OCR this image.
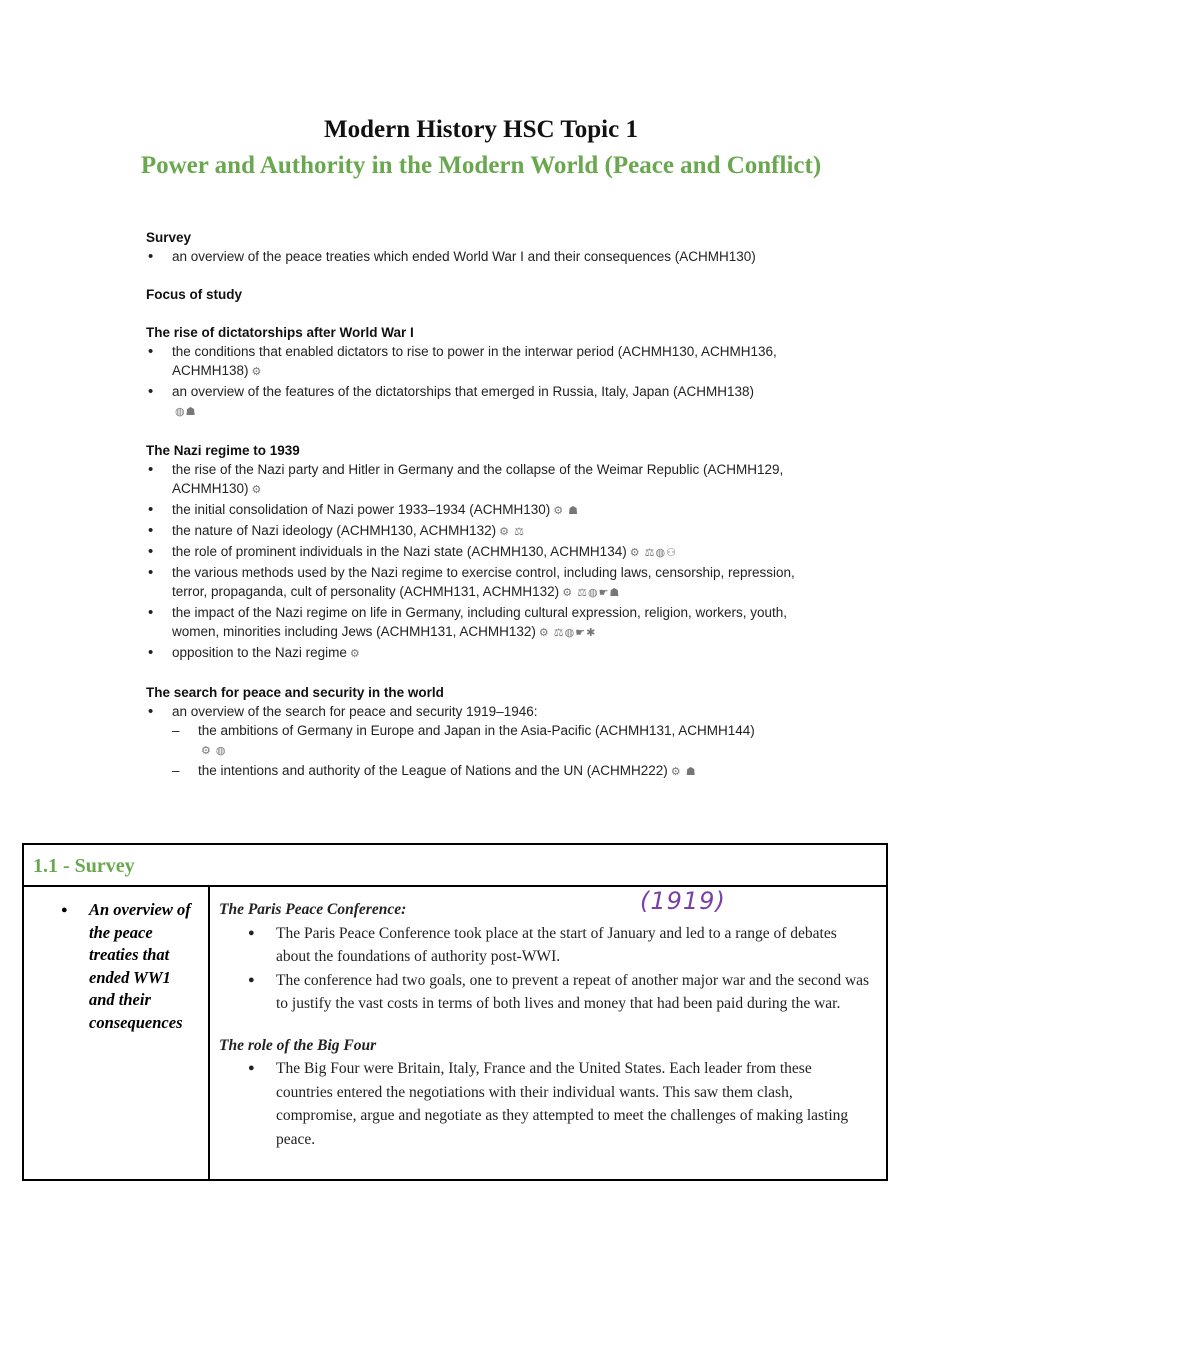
Modern History HSC Topic 1
Power and Authority in the Modern World (Peace and Conflict)
Survey
• an overview of the peace treaties which ended World War I and their consequences (ACHMH130)
Focus of study
The rise of dictatorships after World War I
• the conditions that enabled dictators to rise to power in the interwar period (ACHMH130, ACHMH136, ACHMH138) ⚙
• an overview of the features of the dictatorships that emerged in Russia, Italy, Japan (ACHMH138)
◍☗
The Nazi regime to 1939
• the rise of the Nazi party and Hitler in Germany and the collapse of the Weimar Republic (ACHMH129, ACHMH130) ⚙
• the initial consolidation of Nazi power 1933–1934 (ACHMH130) ⚙ ☗
• the nature of Nazi ideology (ACHMH130, ACHMH132) ⚙ ⚖
• the role of prominent individuals in the Nazi state (ACHMH130, ACHMH134) ⚙ ⚖◍⚇
• the various methods used by the Nazi regime to exercise control, including laws, censorship, repression, terror, propaganda, cult of personality (ACHMH131, ACHMH132) ⚙ ⚖◍☛☗
• the impact of the Nazi regime on life in Germany, including cultural expression, religion, workers, youth, women, minorities including Jews (ACHMH131, ACHMH132) ⚙ ⚖◍☛✱
• opposition to the Nazi regime ⚙
The search for peace and security in the world
• an overview of the search for peace and security 1919–1946:
– the ambitions of Germany in Europe and Japan in the Asia-Pacific (ACHMH131, ACHMH144)
⚙ ◍
– the intentions and authority of the League of Nations and the UN (ACHMH222) ⚙ ☗
1.1 - Survey
● An overview of the peace treaties that ended WW1 and their consequences
The Paris Peace Conference:
● The Paris Peace Conference took place at the start of January and led to a range of debates about the foundations of authority post-WWI.
● The conference had two goals, one to prevent a repeat of another major war and the second was to justify the vast costs in terms of both lives and money that had been paid during the war.
The role of the Big Four
● The Big Four were Britain, Italy, France and the United States. Each leader from these countries entered the negotiations with their individual wants. This saw them clash, compromise, argue and negotiate as they attempted to meet the challenges of making lasting peace.
(1919)
